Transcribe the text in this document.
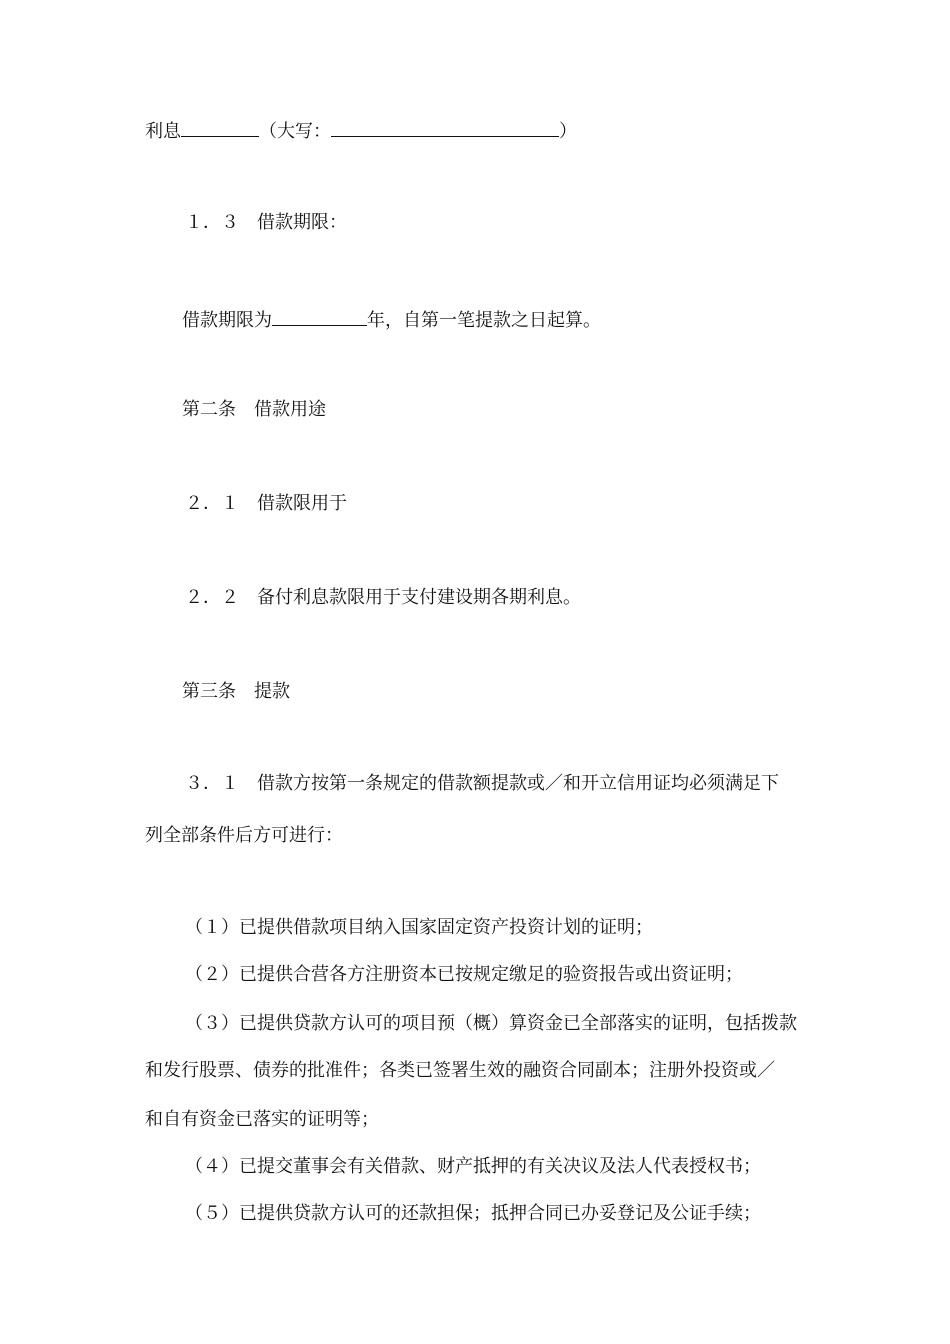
利息	（大写：	）
１．３　借款期限：
借款期限为	年，自第一笔提款之日起算。
第二条　借款用途
２．１　借款限用于
２．２　备付利息款限用于支付建设期各期利息。
第三条　提款
３．１　借款方按第一条规定的借款额提款或／和开立信用证均必须满足下
列全部条件后方可进行：
（１）已提供借款项目纳入国家固定资产投资计划的证明；
（２）已提供合营各方注册资本已按规定缴足的验资报告或出资证明；
（３）已提供贷款方认可的项目预（概）算资金已全部落实的证明，包括拨款
和发行股票、债券的批准件；各类已签署生效的融资合同副本；注册外投资或／
和自有资金已落实的证明等；
（４）已提交董事会有关借款、财产抵押的有关决议及法人代表授权书；
（５）已提供贷款方认可的还款担保；抵押合同已办妥登记及公证手续；
